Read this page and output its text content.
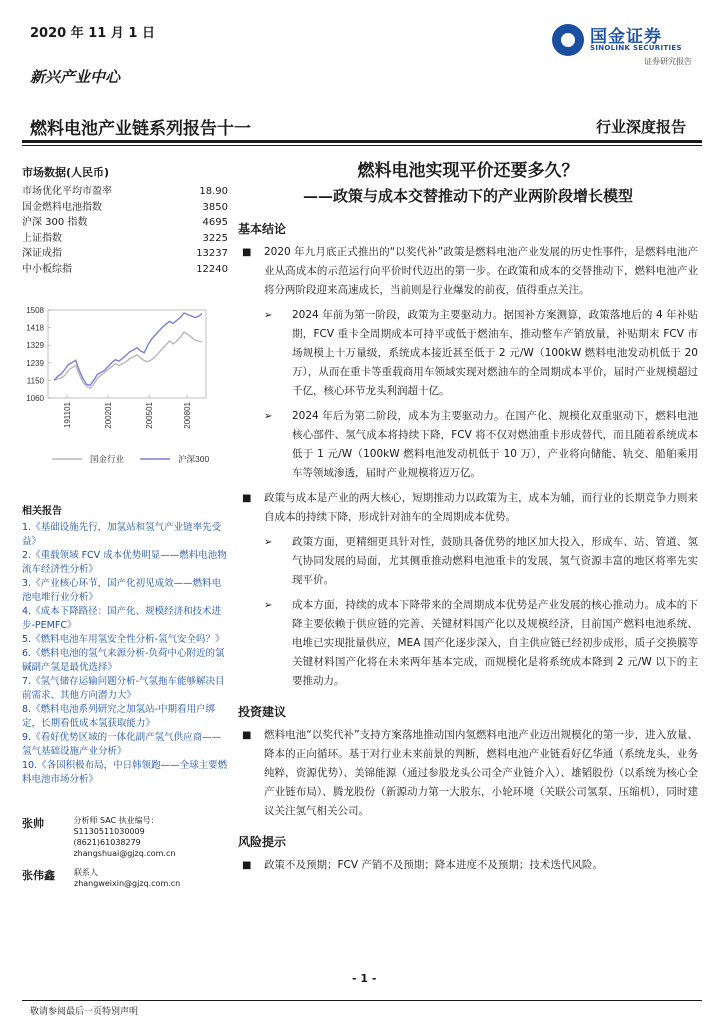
2020 年 11 月 1 日
新兴产业中心
国金证券
SINOLINK SECURITIES
证券研究报告
燃料电池产业链系列报告十一	行业深度报告
市场数据(人民币)
市场优化平均市盈率	18.90
国金燃料电池指数	3850
沪深 300 指数	4695
上证指数	3225
深证成指	13237
中小板综指	12240
1508
1418
1329
1239
1150
1060
191101	200201	200501	200801
国金行业	沪深300
相关报告
1.《基础设施先行，加氢站和氢气产业链率先受益》
2.《重载领域 FCV 成本优势明显——燃料电池物流车经济性分析》
3.《产业核心环节，国产化初见成效——燃料电池电堆行业分析》
4.《成本下降路径：国产化、规模经济和技术进步-PEMFC》
5.《燃料电池车用氢安全性分析-氢气安全吗？》
6.《燃料电池的氢气来源分析-负荷中心附近的氯碱副产氢是最优选择》
7.《氢气储存运输问题分析-气氢拖车能够解决目前需求、其他方向潜力大》
8.《燃料电池系列研究之加氢站-中期看用户绑定，长期看低成本氢获取能力》
9.《看好优势区域的一体化副产氢气供应商——氢气基础设施产业分析》
10.《各国积极布局，中日韩领跑——全球主要燃料电池市场分析》
张帅	分析师 SAC 执业编号：S1130511030009
(8621)61038279
zhangshuai@gjzq.com.cn
张伟鑫	联系人
zhangweixin@gjzq.com.cn
燃料电池实现平价还要多久？
——政策与成本交替推动下的产业两阶段增长模型
基本结论
■ 2020 年九月底正式推出的“以奖代补”政策是燃料电池产业发展的历史性事件，是燃料电池产业从高成本的示范运行向平价时代迈出的第一步。在政策和成本的交替推动下，燃料电池产业将分两阶段迎来高速成长，当前则是行业爆发的前夜，值得重点关注。
➢ 2024 年前为第一阶段，政策为主要驱动力。据国补方案测算，政策落地后的 4 年补贴期，FCV 重卡全周期成本可持平或低于燃油车，推动整车产销放量，补贴期末 FCV 市场规模上十万量级，系统成本接近甚至低于 2 元/W（100kW 燃料电池发动机低于 20 万），从而在重卡等重载商用车领域实现对燃油车的全周期成本平价，届时产业规模超过千亿，核心环节龙头利润超十亿。
➢ 2024 年后为第二阶段，成本为主要驱动力。在国产化、规模化双重驱动下，燃料电池核心部件、氢气成本将持续下降，FCV 将不仅对燃油重卡形成替代，而且随着系统成本低于 1 元/W（100kW 燃料电池发动机低于 10 万），产业将向储能、轨交、船舶乘用车等领域渗透，届时产业规模将迈万亿。
■ 政策与成本是产业的两大核心，短期推动力以政策为主，成本为辅，而行业的长期竞争力则来自成本的持续下降，形成针对油车的全周期成本优势。
➢ 政策方面，更精细更具针对性，鼓励具备优势的地区加大投入，形成车、站、管道、氢气协同发展的局面，尤其侧重推动燃料电池重卡的发展，氢气资源丰富的地区将率先实现平价。
➢ 成本方面，持续的成本下降带来的全周期成本优势是产业发展的核心推动力。成本的下降主要依赖于供应链的完善、关键材料国产化以及规模经济，目前国产燃料电池系统、电堆已实现批量供应，MEA 国产化逐步深入，自主供应链已经初步成形，质子交换膜等关键材料国产化将在未来两年基本完成，而规模化是将系统成本降到 2 元/W 以下的主要推动力。
投资建议
■ 燃料电池“以奖代补”支持方案落地推动国内氢燃料电池产业迈出规模化的第一步，进入放量、降本的正向循环。基于对行业未来前景的判断，燃料电池产业链看好亿华通（系统龙头，业务纯粹，资源优势）、美锦能源（通过参股龙头公司全产业链介入）、雄韬股份（以系统为核心全产业链布局）、腾龙股份（新源动力第一大股东，小轮环境（关联公司氢泵、压缩机），同时建议关注氢气相关公司。
风险提示
■ 政策不及预期；FCV 产销不及预期；降本进度不及预期；技术迭代风险。
- 1 -
敬请参阅最后一页特别声明
